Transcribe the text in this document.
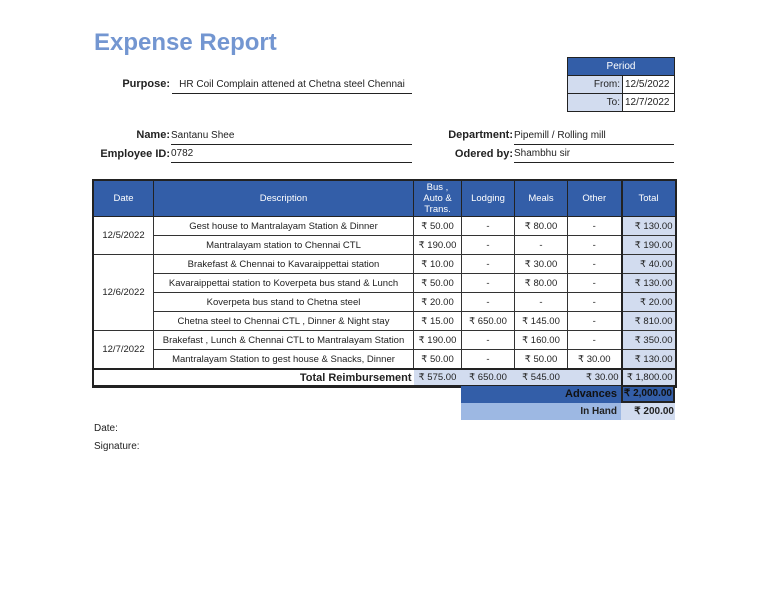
Expense Report
Purpose: HR Coil Complain attened at Chetna steel Chennai
Period	
From:	12/5/2022
To:	12/7/2022
Name: Santanu Shee
Employee ID: 0782
Department: Pipemill / Rolling mill
Odered by: Shambhu sir
Date	Description	Bus , Auto & Trans.	Lodging	Meals	Other	Total
12/5/2022	Gest house to Mantralayam Station & Dinner	₹ 50.00	-	₹ 80.00	-	₹ 130.00
	Mantralayam station to Chennai CTL	₹ 190.00	-	-	-	₹ 190.00
12/6/2022	Brakefast & Chennai to Kavaraippettai station	₹ 10.00	-	₹ 30.00	-	₹ 40.00
	Kavaraippettai station to Koverpeta bus stand & Lunch	₹ 50.00	-	₹ 80.00	-	₹ 130.00
	Koverpeta bus stand to Chetna steel	₹ 20.00	-	-	-	₹ 20.00
	Chetna steel to Chennai CTL , Dinner & Night stay	₹ 15.00	₹ 650.00	₹ 145.00	-	₹ 810.00
12/7/2022	Brakefast , Lunch & Chennai CTL to Mantralayam Station	₹ 190.00	-	₹ 160.00	-	₹ 350.00
	Mantralayam Station to gest house & Snacks, Dinner	₹ 50.00	-	₹ 50.00	₹ 30.00	₹ 130.00
Total Reimbursement		₹ 575.00	₹ 650.00	₹ 545.00	₹ 30.00	₹ 1,800.00
Advances ₹ 2,000.00
In Hand	₹ 200.00
Date:
Signature:
